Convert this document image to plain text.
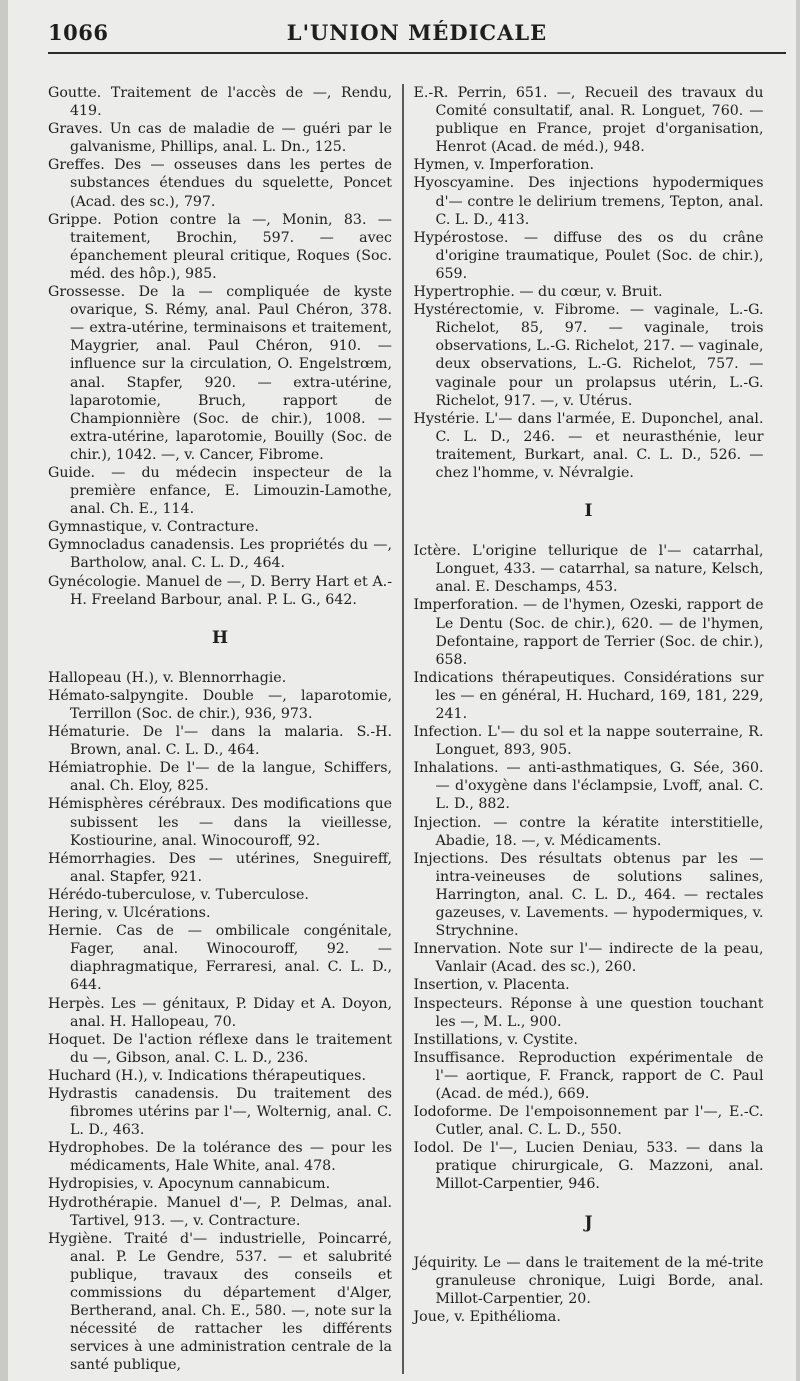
1066	L'UNION MÉDICALE

Goutte. Traitement de l'accès de —, Rendu, 419.

Graves. Un cas de maladie de — guéri par le galvanisme, Phillips, anal. L. Dn., 125.

Greffes. Des — osseuses dans les pertes de substances étendues du squelette, Poncet (Acad. des sc.), 797.

Grippe. Potion contre la —, Monin, 83. — traitement, Brochin, 597. — avec épanchement pleural critique, Roques (Soc. méd. des hôp.), 985.

Grossesse. De la — compliquée de kyste ovarique, S. Rémy, anal. Paul Chéron, 378. — extra-utérine, terminaisons et traitement, Maygrier, anal. Paul Chéron, 910. — influence sur la circulation, O. Engelstrœm, anal. Stapfer, 920. — extra-utérine, laparotomie, Bruch, rapport de Championnière (Soc. de chir.), 1008. — extra-utérine, laparotomie, Bouilly (Soc. de chir.), 1042. —, v. Cancer, Fibrome.

Guide. — du médecin inspecteur de la première enfance, E. Limouzin-Lamothe, anal. Ch. E., 114.

Gymnastique, v. Contracture.

Gymnocladus canadensis. Les propriétés du —, Bartholow, anal. C. L. D., 464.

Gynécologie. Manuel de —, D. Berry Hart et A.-H. Freeland Barbour, anal. P. L. G., 642.

H

Hallopeau (H.), v. Blennorrhagie.

Hémato-salpyngite. Double —, laparotomie, Terrillon (Soc. de chir.), 936, 973.

Hématurie. De l'— dans la malaria. S.-H. Brown, anal. C. L. D., 464.

Hémiatrophie. De l'— de la langue, Schiffers, anal. Ch. Eloy, 825.

Hémisphères cérébraux. Des modifications que subissent les — dans la vieillesse, Kostiourine, anal. Winocouroff, 92.

Hémorrhagies. Des — utérines, Sneguireff, anal. Stapfer, 921.

Hérédo-tuberculose, v. Tuberculose.

Hering, v. Ulcérations.

Hernie. Cas de — ombilicale congénitale, Fager, anal. Winocouroff, 92. — diaphragmatique, Ferraresi, anal. C. L. D., 644.

Herpès. Les — génitaux, P. Diday et A. Doyon, anal. H. Hallopeau, 70.

Hoquet. De l'action réflexe dans le traitement du —, Gibson, anal. C. L. D., 236.

Huchard (H.), v. Indications thérapeutiques.

Hydrastis canadensis. Du traitement des fibromes utérins par l'—, Wolternig, anal. C. L. D., 463.

Hydrophobes. De la tolérance des — pour les médicaments, Hale White, anal. 478.

Hydropisies, v. Apocynum cannabicum.

Hydrothérapie. Manuel d'—, P. Delmas, anal. Tartivel, 913. —, v. Contracture.

Hygiène. Traité d'— industrielle, Poincarré, anal. P. Le Gendre, 537. — et salubrité publique, travaux des conseils et commissions du département d'Alger, Bertherand, anal. Ch. E., 580. —, note sur la nécessité de rattacher les différents services à une administration centrale de la santé publique,

E.-R. Perrin, 651. —, Recueil des travaux du Comité consultatif, anal. R. Longuet, 760. — publique en France, projet d'organisation, Henrot (Acad. de méd.), 948.

Hymen, v. Imperforation.

Hyoscyamine. Des injections hypodermiques d'— contre le delirium tremens, Tepton, anal. C. L. D., 413.

Hypérostose. — diffuse des os du crâne d'origine traumatique, Poulet (Soc. de chir.), 659.

Hypertrophie. — du cœur, v. Bruit.

Hystérectomie, v. Fibrome. — vaginale, L.-G. Richelot, 85, 97. — vaginale, trois observations, L.-G. Richelot, 217. — vaginale, deux observations, L.-G. Richelot, 757. — vaginale pour un prolapsus utérin, L.-G. Richelot, 917. —, v. Utérus.

Hystérie. L'— dans l'armée, E. Duponchel, anal. C. L. D., 246. — et neurasthénie, leur traitement, Burkart, anal. C. L. D., 526. — chez l'homme, v. Névralgie.

I

Ictère. L'origine tellurique de l'— catarrhal, Longuet, 433. — catarrhal, sa nature, Kelsch, anal. E. Deschamps, 453.

Imperforation. — de l'hymen, Ozeski, rapport de Le Dentu (Soc. de chir.), 620. — de l'hymen, Defontaine, rapport de Terrier (Soc. de chir.), 658.

Indications thérapeutiques. Considérations sur les — en général, H. Huchard, 169, 181, 229, 241.

Infection. L'— du sol et la nappe souterraine, R. Longuet, 893, 905.

Inhalations. — anti-asthmatiques, G. Sée, 360. — d'oxygène dans l'éclampsie, Lvoff, anal. C. L. D., 882.

Injection. — contre la kératite interstitielle, Abadie, 18. —, v. Médicaments.

Injections. Des résultats obtenus par les — intra-veineuses de solutions salines, Harrington, anal. C. L. D., 464. — rectales gazeuses, v. Lavements. — hypodermiques, v. Strychnine.

Innervation. Note sur l'— indirecte de la peau, Vanlair (Acad. des sc.), 260.

Insertion, v. Placenta.

Inspecteurs. Réponse à une question touchant les —, M. L., 900.

Instillations, v. Cystite.

Insuffisance. Reproduction expérimentale de l'— aortique, F. Franck, rapport de C. Paul (Acad. de méd.), 669.

Iodoforme. De l'empoisonnement par l'—, E.-C. Cutler, anal. C. L. D., 550.

Iodol. De l'—, Lucien Deniau, 533. — dans la pratique chirurgicale, G. Mazzoni, anal. Millot-Carpentier, 946.

J

Jéquirity. Le — dans le traitement de la mé-trite granuleuse chronique, Luigi Borde, anal. Millot-Carpentier, 20.

Joue, v. Epithélioma.
